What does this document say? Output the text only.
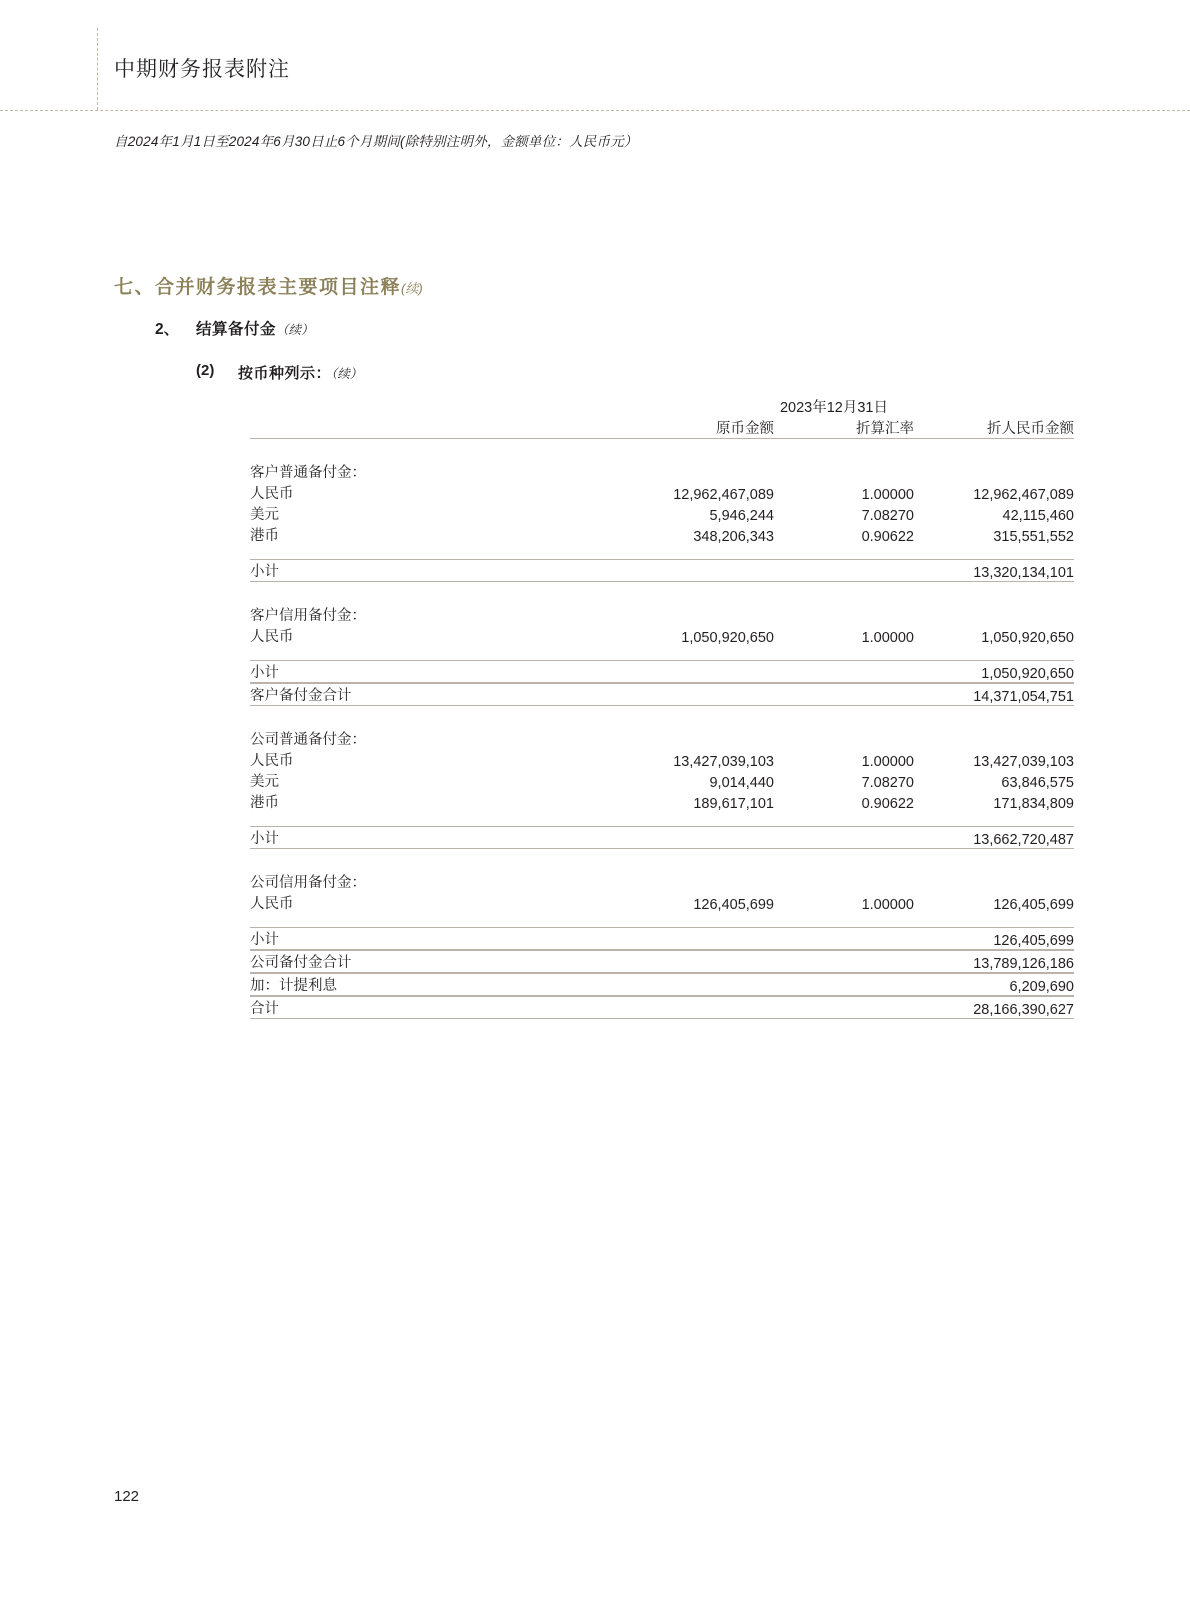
中期财务报表附注
自2024年1月1日至2024年6月30日止6个月期间(除特别注明外，金额单位：人民币元）
七、合并财务报表主要项目注释(续)
2、 结算备付金（续）
(2) 按币种列示：（续）
	2023年12月31日		
	原币金额	折算汇率	折人民币金额

客户普通备付金：			
人民币	12,962,467,089	1.00000	12,962,467,089
美元	5,946,244	7.08270	42,115,460
港币	348,206,343	0.90622	315,551,552

小计			13,320,134,101

客户信用备付金：			
人民币	1,050,920,650	1.00000	1,050,920,650

小计			1,050,920,650

客户备付金合计			14,371,054,751

公司普通备付金：			
人民币	13,427,039,103	1.00000	13,427,039,103
美元	9,014,440	7.08270	63,846,575
港币	189,617,101	0.90622	171,834,809

小计			13,662,720,487

公司信用备付金：			
人民币	126,405,699	1.00000	126,405,699

小计			126,405,699

公司备付金合计			13,789,126,186

加：计提利息			6,209,690

合计			28,166,390,627

122
